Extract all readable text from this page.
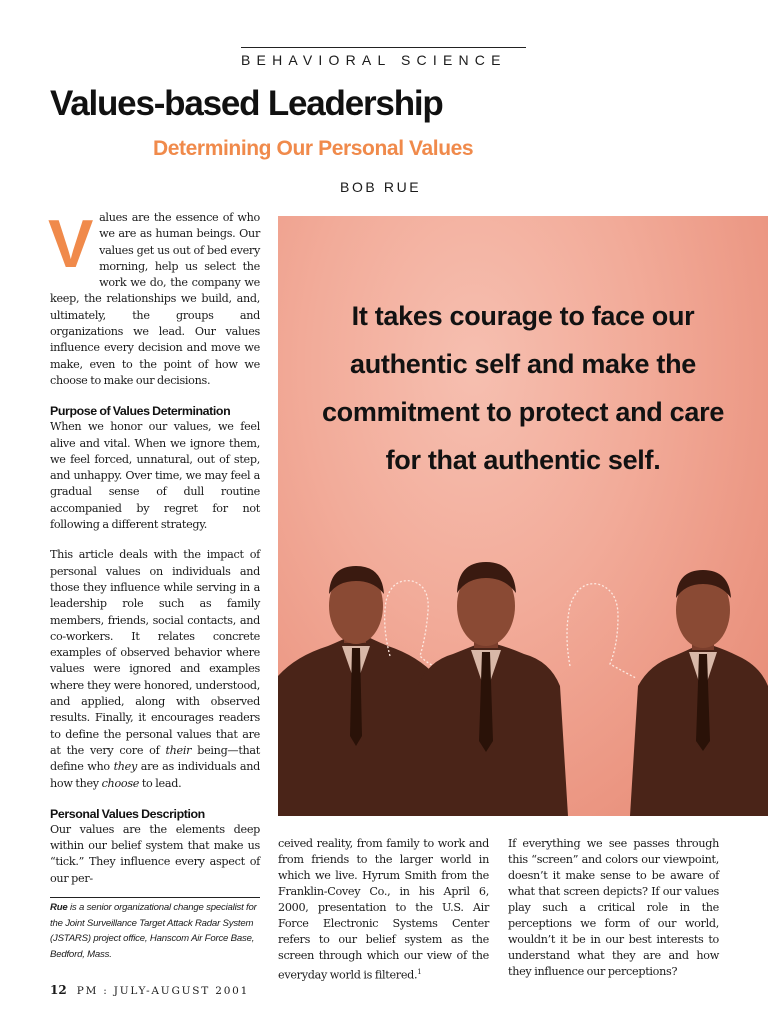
BEHAVIORAL SCIENCE
Values-based Leadership
Determining Our Personal Values
BOB RUE

Values are the essence of who we are as human beings. Our values get us out of bed every morning, help us select the work we do, the company we keep, the relationships we build, and, ultimately, the groups and organizations we lead. Our values influence every decision and move we make, even to the point of how we choose to make our decisions.

Purpose of Values Determination

When we honor our values, we feel alive and vital. When we ignore them, we feel forced, unnatural, out of step, and unhappy. Over time, we may feel a gradual sense of dull routine accompanied by regret for not following a different strategy.

This article deals with the impact of personal values on individuals and those they influence while serving in a leadership role such as family members, friends, social contacts, and co-workers. It relates concrete examples of observed behavior where values were ignored and examples where they were honored, understood, and applied, along with observed results. Finally, it encourages readers to define the personal values that are at the very core of their being—that define who they are as individuals and how they choose to lead.

Personal Values Description

Our values are the elements deep within our belief system that make us “tick.” They influence every aspect of our per-

It takes courage to face our authentic self and make the commitment to protect and care for that authentic self.

ceived reality, from family to work and from friends to the larger world in which we live. Hyrum Smith from the Franklin-Covey Co., in his April 6, 2000, presentation to the U.S. Air Force Electronic Systems Center refers to our belief system as the screen through which our view of the everyday world is filtered.$^1$

If everything we see passes through this “screen” and colors our viewpoint, doesn’t it make sense to be aware of what that screen depicts? If our values play such a critical role in the perceptions we form of our world, wouldn’t it be in our best interests to understand what they are and how they influence our perceptions?

Rue is a senior organizational change specialist for the Joint Surveillance Target Attack Radar System (JSTARS) project office, Hanscom Air Force Base, Bedford, Mass.
12 PM : JULY-AUGUST 2001
